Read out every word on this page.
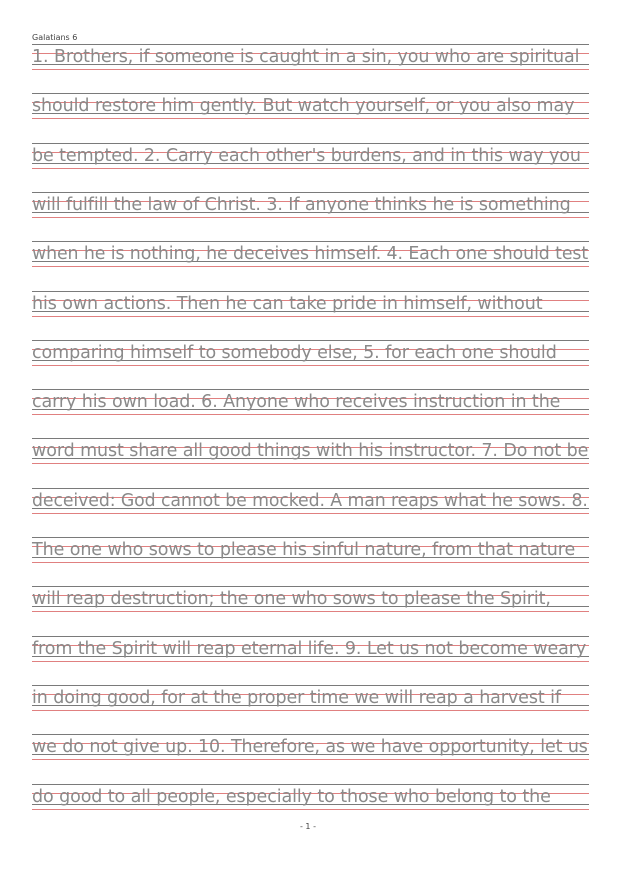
Galatians 6
1. Brothers, if someone is caught in a sin, you who are spiritual
should restore him gently. But watch yourself, or you also may
be tempted. 2. Carry each other's burdens, and in this way you
will fulfill the law of Christ. 3. If anyone thinks he is something
when he is nothing, he deceives himself. 4. Each one should test
his own actions. Then he can take pride in himself, without
comparing himself to somebody else, 5. for each one should
carry his own load. 6. Anyone who receives instruction in the
word must share all good things with his instructor. 7. Do not be
deceived: God cannot be mocked. A man reaps what he sows. 8.
The one who sows to please his sinful nature, from that nature
will reap destruction; the one who sows to please the Spirit,
from the Spirit will reap eternal life. 9. Let us not become weary
in doing good, for at the proper time we will reap a harvest if
we do not give up. 10. Therefore, as we have opportunity, let us
do good to all people, especially to those who belong to the
- 1 -
